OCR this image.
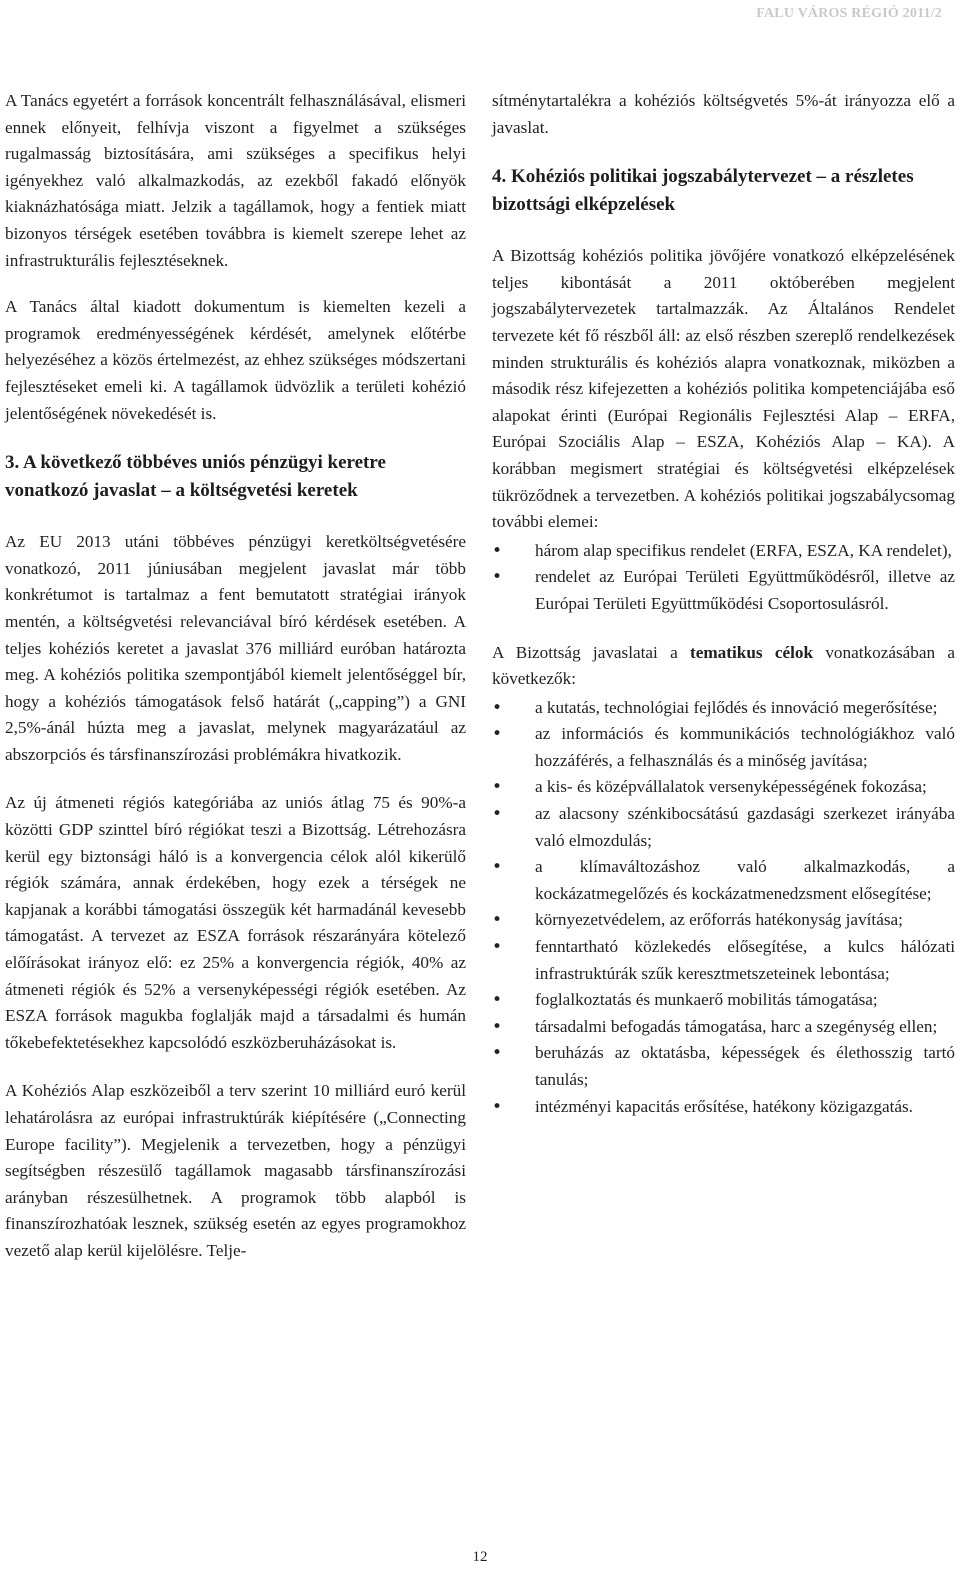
FALU VÁROS RÉGIÓ 2011/2

A Tanács egyetért a források koncentrált felhasználásával, elismeri ennek előnyeit, felhívja viszont a figyelmet a szükséges rugalmasság biztosítására, ami szükséges a specifikus helyi igényekhez való alkalmazkodás, az ezekből fakadó előnyök kiaknázhatósága miatt. Jelzik a tagállamok, hogy a fentiek miatt bizonyos térségek esetében továbbra is kiemelt szerepe lehet az infrastrukturális fejlesztéseknek.

A Tanács által kiadott dokumentum is kiemelten kezeli a programok eredményességének kérdését, amelynek előtérbe helyezéséhez a közös értelmezést, az ehhez szükséges módszertani fejlesztéseket emeli ki. A tagállamok üdvözlik a területi kohézió jelentőségének növekedését is.

3. A következő többéves uniós pénzügyi keretre vonatkozó javaslat – a költségvetési keretek

Az EU 2013 utáni többéves pénzügyi keretköltségvetésére vonatkozó, 2011 júniusában megjelent javaslat már több konkrétumot is tartalmaz a fent bemutatott stratégiai irányok mentén, a költségvetési relevanciával bíró kérdések esetében. A teljes kohéziós keretet a javaslat 376 milliárd euróban határozta meg. A kohéziós politika szempontjából kiemelt jelentőséggel bír, hogy a kohéziós támogatások felső határát („capping”) a GNI 2,5%-ánál húzta meg a javaslat, melynek magyarázatául az abszorpciós és társfinanszírozási problémákra hivatkozik.

Az új átmeneti régiós kategóriába az uniós átlag 75 és 90%-a közötti GDP szinttel bíró régiókat teszi a Bizottság. Létrehozásra kerül egy biztonsági háló is a konvergencia célok alól kikerülő régiók számára, annak érdekében, hogy ezek a térségek ne kapjanak a korábbi támogatási összegük két harmadánál kevesebb támogatást. A tervezet az ESZA források részarányára kötelező előírásokat irányoz elő: ez 25% a konvergencia régiók, 40% az átmeneti régiók és 52% a versenyképességi régiók esetében. Az ESZA források magukba foglalják majd a társadalmi és humán tőkebefektetésekhez kapcsolódó eszközberuházásokat is.

A Kohéziós Alap eszközeiből a terv szerint 10 milliárd euró kerül lehatárolásra az európai infrastruktúrák kiépítésére („Connecting Europe facility”). Megjelenik a tervezetben, hogy a pénzügyi segítségben részesülő tagállamok magasabb társfinanszírozási arányban részesülhetnek. A programok több alapból is finanszírozhatóak lesznek, szükség esetén az egyes programokhoz vezető alap kerül kijelölésre. Telje-

sítménytartalékra a kohéziós költségvetés 5%-át irányozza elő a javaslat.

4. Kohéziós politikai jogszabálytervezet – a részletes bizottsági elképzelések

A Bizottság kohéziós politika jövőjére vonatkozó elképzelésének teljes kibontását a 2011 októberében megjelent jogszabálytervezetek tartalmazzák. Az Általános Rendelet tervezete két fő részből áll: az első részben szereplő rendelkezések minden strukturális és kohéziós alapra vonatkoznak, miközben a második rész kifejezetten a kohéziós politika kompetenciájába eső alapokat érinti (Európai Regionális Fejlesztési Alap – ERFA, Európai Szociális Alap – ESZA, Kohéziós Alap – KA). A korábban megismert stratégiai és költségvetési elképzelések tükröződnek a tervezetben. A kohéziós politikai jogszabálycsomag további elemei:

• három alap specifikus rendelet (ERFA, ESZA, KA rendelet),
• rendelet az Európai Területi Együttműködésről, illetve az Európai Területi Együttműködési Csoportosulásról.

A Bizottság javaslatai a tematikus célok vonatkozásában a következők:

• a kutatás, technológiai fejlődés és innováció megerősítése;
• az információs és kommunikációs technológiákhoz való hozzáférés, a felhasználás és a minőség javítása;
• a kis- és középvállalatok versenyképességének fokozása;
• az alacsony szénkibocsátású gazdasági szerkezet irányába való elmozdulás;
• a klímaváltozáshoz való alkalmazkodás, a kockázatmegelőzés és kockázatmenedzsment elősegítése;
• környezetvédelem, az erőforrás hatékonyság javítása;
• fenntartható közlekedés elősegítése, a kulcs hálózati infrastruktúrák szűk keresztmetszeteinek lebontása;
• foglalkoztatás és munkaerő mobilitás támogatása;
• társadalmi befogadás támogatása, harc a szegénység ellen;
• beruházás az oktatásba, képességek és élethosszig tartó tanulás;
• intézményi kapacitás erősítése, hatékony közigazgatás.
12
